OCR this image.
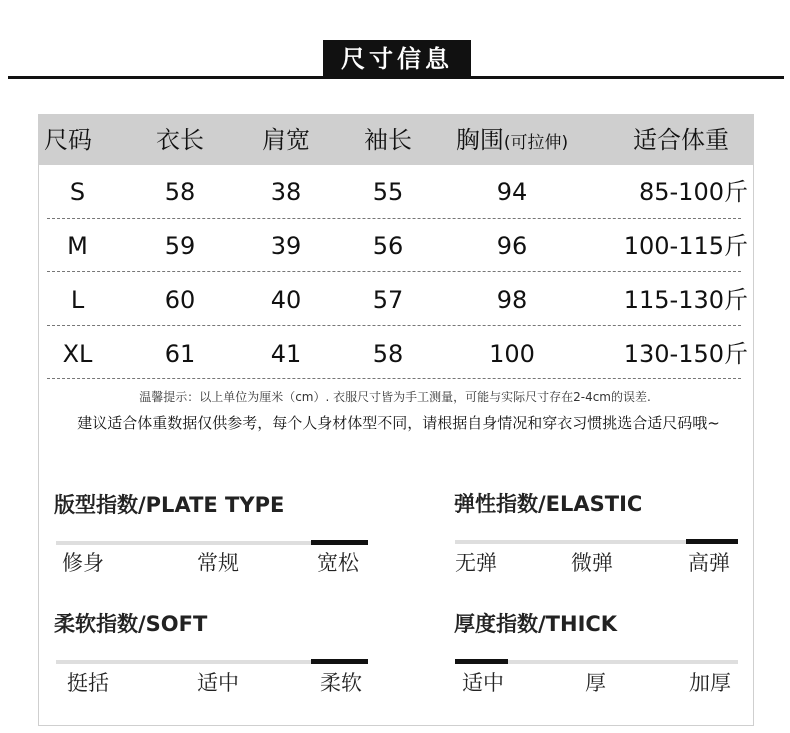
尺寸信息
尺码	衣长	肩宽	袖长	胸围(可拉伸)	适合体重
S	58	38	55	94	85-100斤
M	59	39	56	96	100-115斤
L	60	40	57	98	115-130斤
XL	61	41	58	100	130-150斤
温馨提示：以上单位为厘米（cm）. 衣服尺寸皆为手工测量，可能与实际尺寸存在2-4cm的误差.
建议适合体重数据仅供参考，每个人身材体型不同，请根据自身情况和穿衣习惯挑选合适尺码哦~
版型指数/PLATE TYPE
修身	常规	宽松
弹性指数/ELASTIC
无弹	微弹	高弹
柔软指数/SOFT
挺括	适中	柔软
厚度指数/THICK
适中	厚	加厚
